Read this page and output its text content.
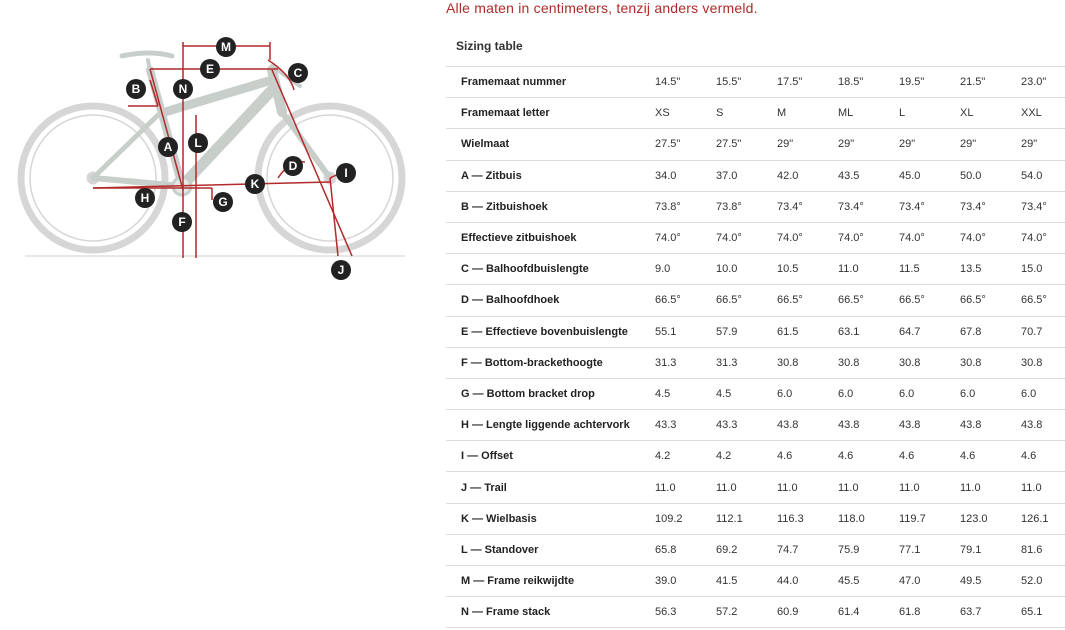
Alle maten in centimeters, tenzij anders vermeld.
M
E	C
B	N
A L
D	I
H
K
G
F
J
Sizing table
Framemaat nummer	14.5"	15.5"	17.5"	18.5"	19.5"	21.5"	23.0"
Framemaat letter	XS	S	M	ML	L	XL	XXL
Wielmaat	27.5"	27.5"	29"	29"	29"	29"	29"
A — Zitbuis	34.0	37.0	42.0	43.5	45.0	50.0	54.0
B — Zitbuishoek	73.8°	73.8°	73.4°	73.4°	73.4°	73.4°	73.4°
Effectieve zitbuishoek	74.0°	74.0°	74.0°	74.0°	74.0°	74.0°	74.0°
C — Balhoofdbuislengte	9.0	10.0	10.5	11.0	11.5	13.5	15.0
D — Balhoofdhoek	66.5°	66.5°	66.5°	66.5°	66.5°	66.5°	66.5°
E — Effectieve bovenbuislengte	55.1	57.9	61.5	63.1	64.7	67.8	70.7
F — Bottom-brackethoogte	31.3	31.3	30.8	30.8	30.8	30.8	30.8
G — Bottom bracket drop	4.5	4.5	6.0	6.0	6.0	6.0	6.0
H — Lengte liggende achtervork	43.3	43.3	43.8	43.8	43.8	43.8	43.8
I — Offset	4.2	4.2	4.6	4.6	4.6	4.6	4.6
J — Trail	11.0	11.0	11.0	11.0	11.0	11.0	11.0
K — Wielbasis	109.2	112.1	116.3	118.0	119.7	123.0	126.1
L — Standover	65.8	69.2	74.7	75.9	77.1	79.1	81.6
M — Frame reikwijdte	39.0	41.5	44.0	45.5	47.0	49.5	52.0
N — Frame stack	56.3	57.2	60.9	61.4	61.8	63.7	65.1
